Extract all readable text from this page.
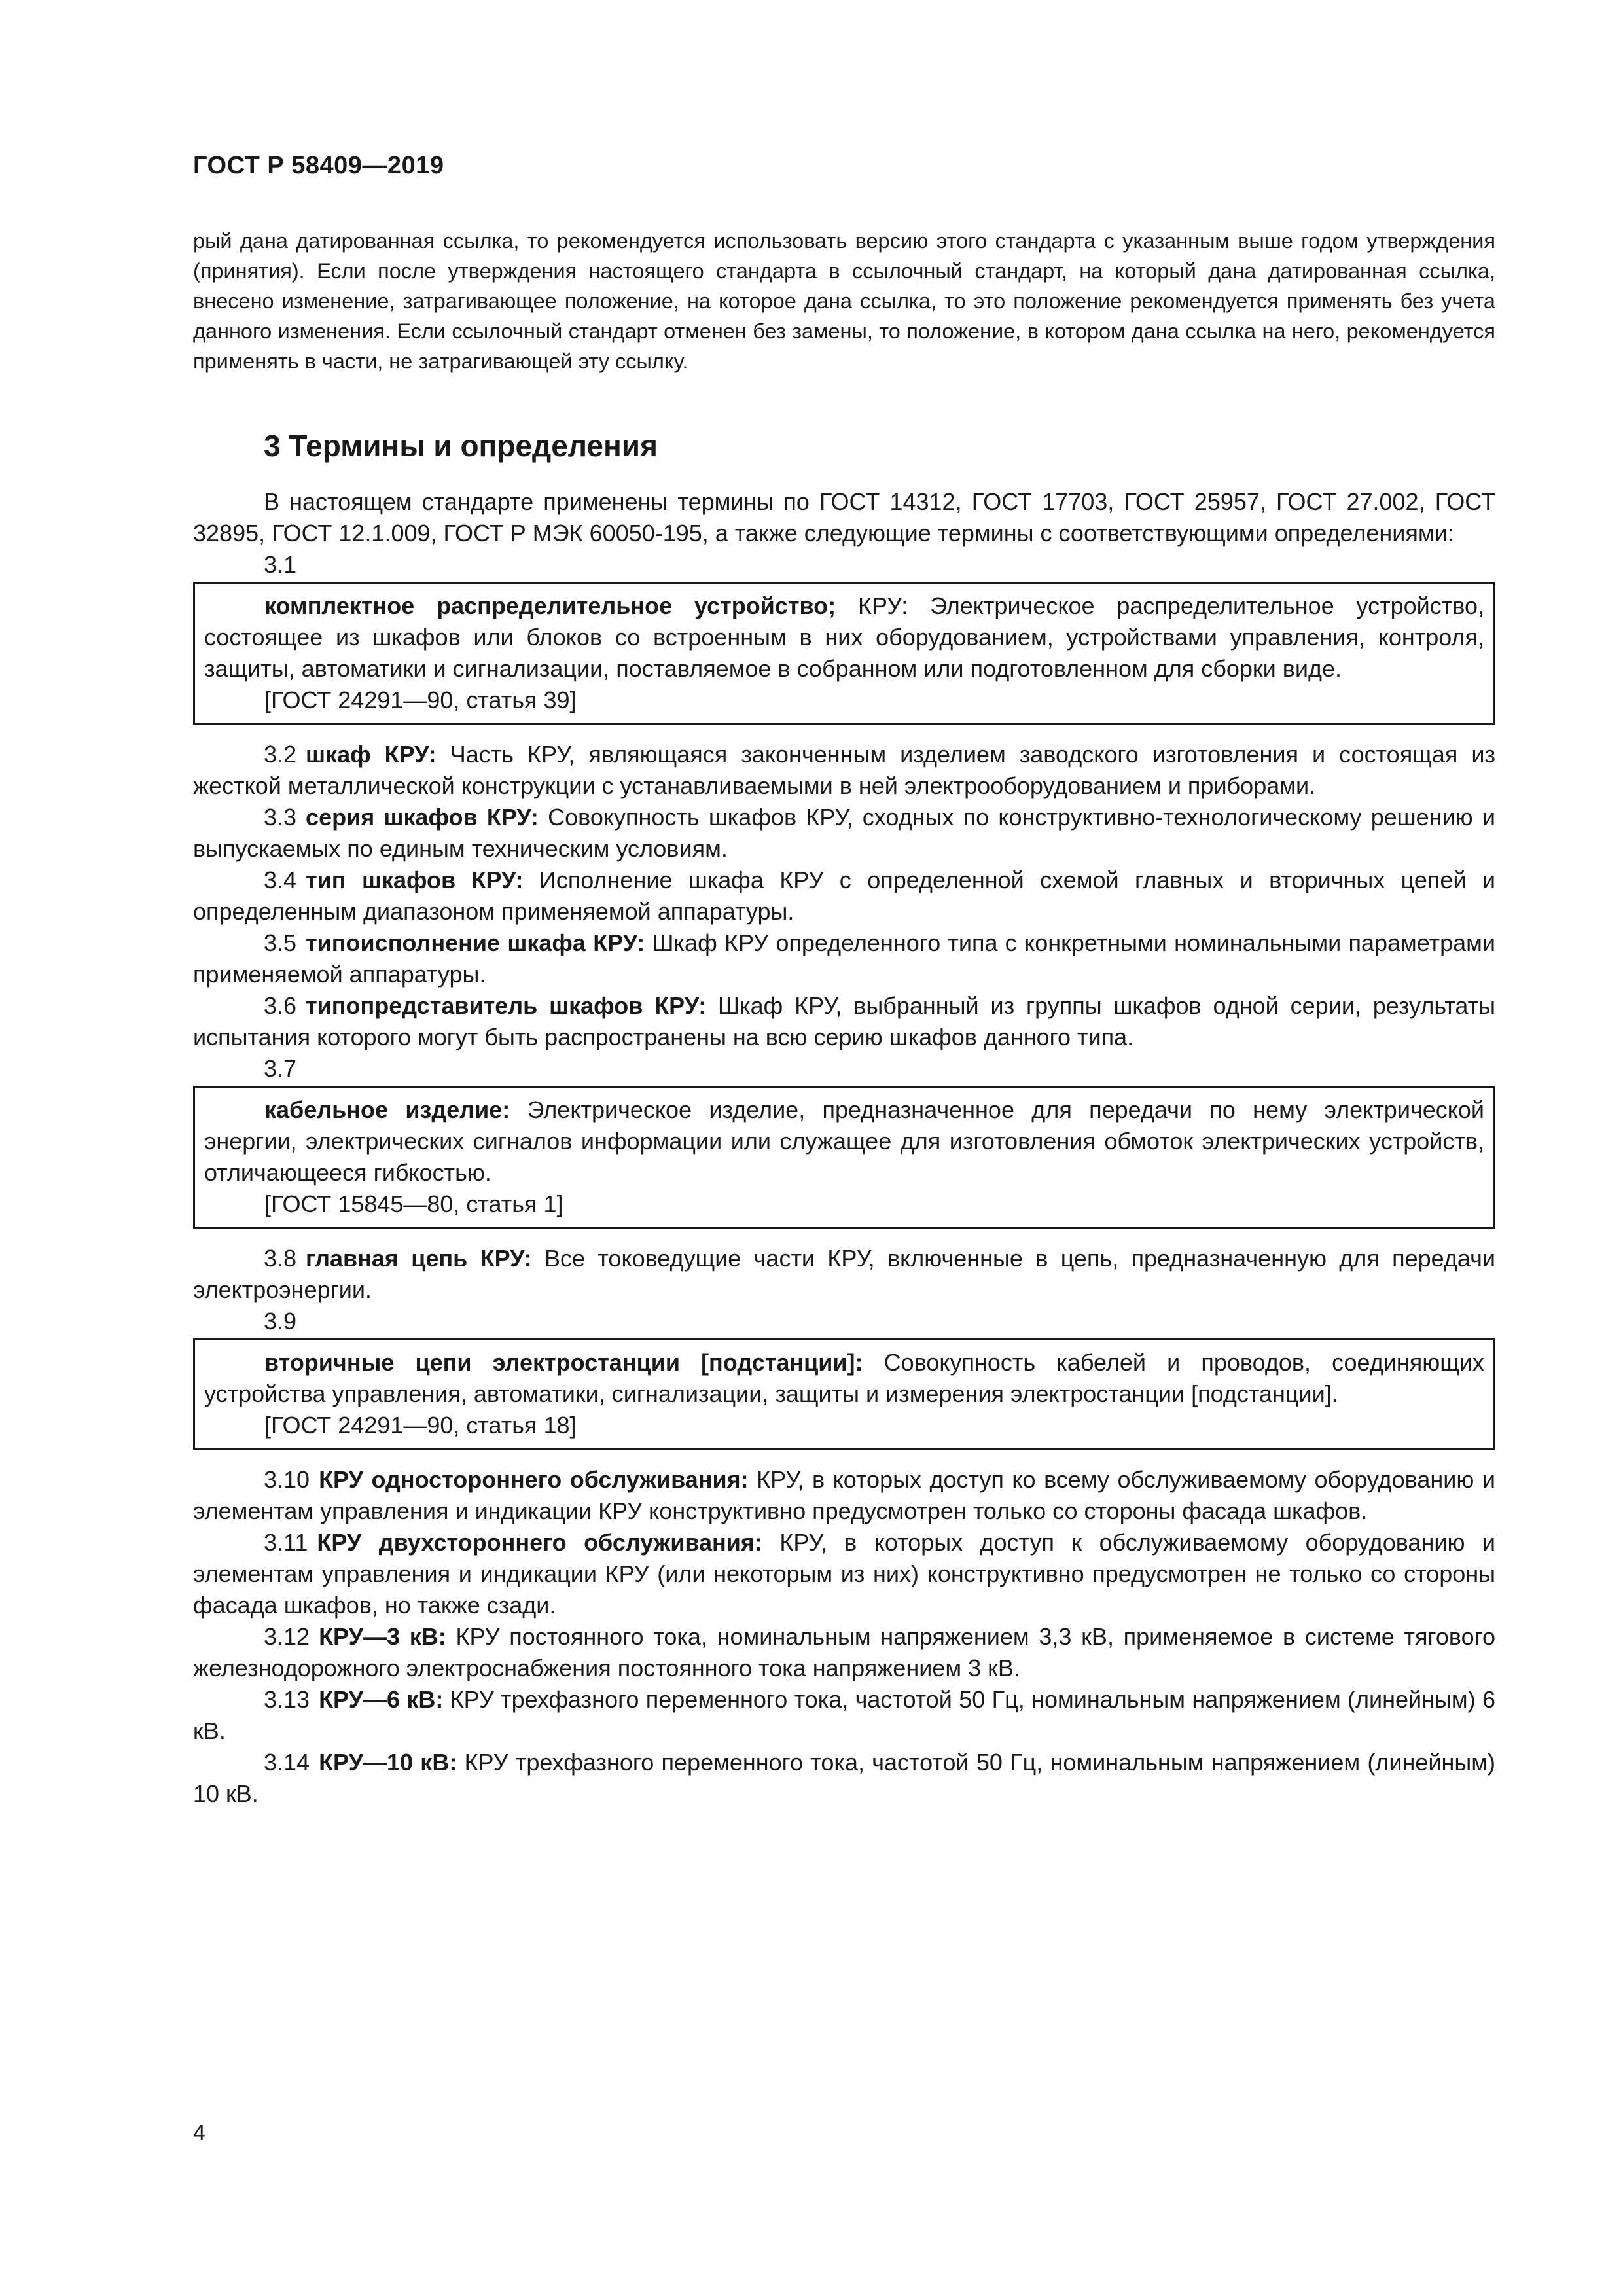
ГОСТ Р 58409—2019

рый дана датированная ссылка, то рекомендуется использовать версию этого стандарта с указанным выше годом утверждения (принятия). Если после утверждения настоящего стандарта в ссылочный стандарт, на который дана датированная ссылка, внесено изменение, затрагивающее положение, на которое дана ссылка, то это положение рекомендуется применять без учета данного изменения. Если ссылочный стандарт отменен без замены, то положение, в котором дана ссылка на него, рекомендуется применять в части, не затрагивающей эту ссылку.

3 Термины и определения

В настоящем стандарте применены термины по ГОСТ 14312, ГОСТ 17703, ГОСТ 25957, ГОСТ 27.002, ГОСТ 32895, ГОСТ 12.1.009, ГОСТ Р МЭК 60050-195, а также следующие термины с соответствующими определениями:

3.1

комплектное распределительное устройство; КРУ: Электрическое распределительное устройство, состоящее из шкафов или блоков со встроенным в них оборудованием, устройствами управления, контроля, защиты, автоматики и сигнализации, поставляемое в собранном или подготовленном для сборки виде.

[ГОСТ 24291—90, статья 39]

3.2 шкаф КРУ: Часть КРУ, являющаяся законченным изделием заводского изготовления и состоящая из жесткой металлической конструкции с устанавливаемыми в ней электрооборудованием и приборами.

3.3 серия шкафов КРУ: Совокупность шкафов КРУ, сходных по конструктивно-технологическому решению и выпускаемых по единым техническим условиям.

3.4 тип шкафов КРУ: Исполнение шкафа КРУ с определенной схемой главных и вторичных цепей и определенным диапазоном применяемой аппаратуры.

3.5 типоисполнение шкафа КРУ: Шкаф КРУ определенного типа с конкретными номинальными параметрами применяемой аппаратуры.

3.6 типопредставитель шкафов КРУ: Шкаф КРУ, выбранный из группы шкафов одной серии, результаты испытания которого могут быть распространены на всю серию шкафов данного типа.

3.7

кабельное изделие: Электрическое изделие, предназначенное для передачи по нему электрической энергии, электрических сигналов информации или служащее для изготовления обмоток электрических устройств, отличающееся гибкостью.

[ГОСТ 15845—80, статья 1]

3.8 главная цепь КРУ: Все токоведущие части КРУ, включенные в цепь, предназначенную для передачи электроэнергии.

3.9

вторичные цепи электростанции [подстанции]: Совокупность кабелей и проводов, соединяющих устройства управления, автоматики, сигнализации, защиты и измерения электростанции [подстанции].

[ГОСТ 24291—90, статья 18]

3.10 КРУ одностороннего обслуживания: КРУ, в которых доступ ко всему обслуживаемому оборудованию и элементам управления и индикации КРУ конструктивно предусмотрен только со стороны фасада шкафов.

3.11 КРУ двухстороннего обслуживания: КРУ, в которых доступ к обслуживаемому оборудованию и элементам управления и индикации КРУ (или некоторым из них) конструктивно предусмотрен не только со стороны фасада шкафов, но также сзади.

3.12 КРУ—3 кВ: КРУ постоянного тока, номинальным напряжением 3,3 кВ, применяемое в системе тягового железнодорожного электроснабжения постоянного тока напряжением 3 кВ.

3.13 КРУ—6 кВ: КРУ трехфазного переменного тока, частотой 50 Гц, номинальным напряжением (линейным) 6 кВ.

3.14 КРУ—10 кВ: КРУ трехфазного переменного тока, частотой 50 Гц, номинальным напряжением (линейным) 10 кВ.

4
